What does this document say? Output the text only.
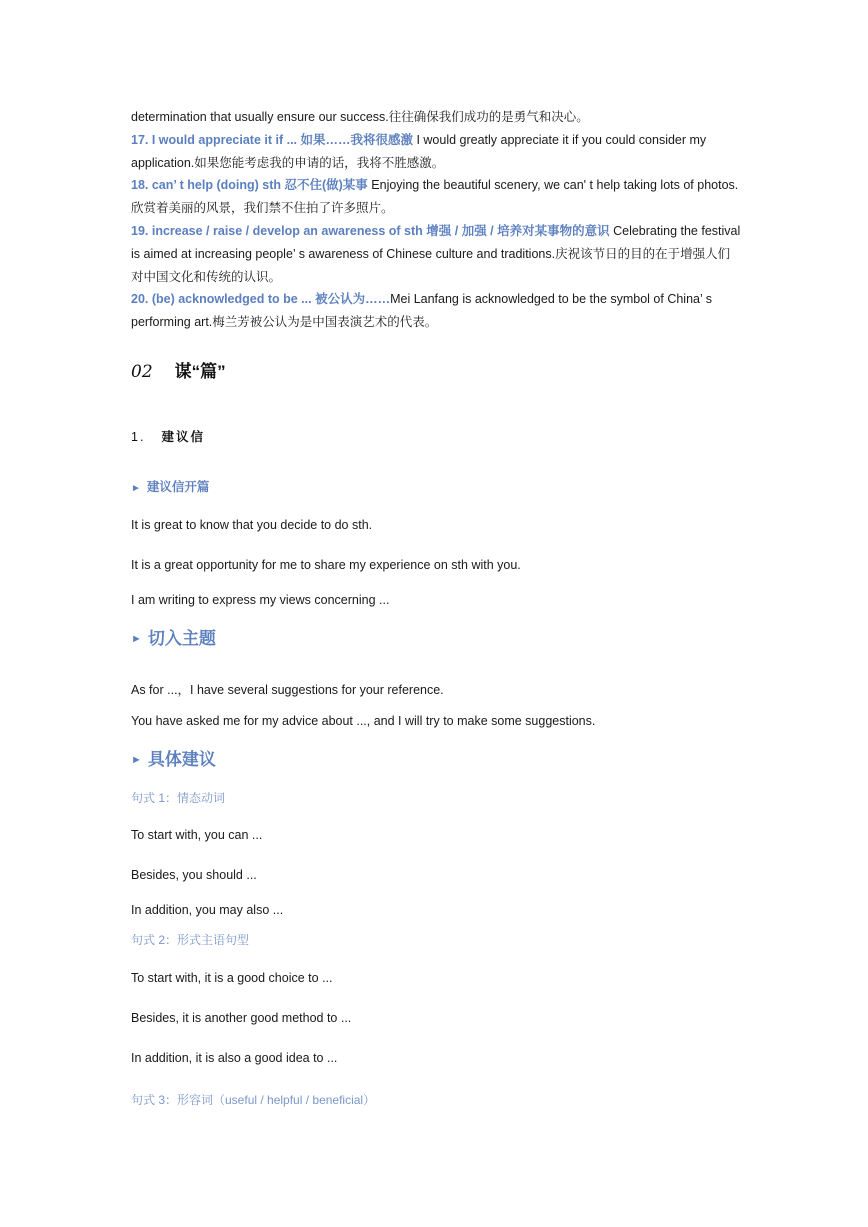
determination that usually ensure our success.往往确保我们成功的是勇气和决心。

17. I would appreciate it if ... 如果……我将很感激 I would greatly appreciate it if you could consider my application.如果您能考虑我的申请的话，我将不胜感激。

18. can’ t help (doing) sth 忍不住(做)某事 Enjoying the beautiful scenery, we can' t help taking lots of photos.欣赏着美丽的风景，我们禁不住拍了许多照片。

19. increase / raise / develop an awareness of sth 增强 / 加强 / 培养对某事物的意识 Celebrating the festival is aimed at increasing people’ s awareness of Chinese culture and traditions.庆祝该节日的目的在于增强人们对中国文化和传统的认识。

20. (be) acknowledged to be ... 被公认为……Mei Lanfang is acknowledged to be the symbol of China’ s performing art.梅兰芳被公认为是中国表演艺术的代表。

02 谋“篇”
1. 建议信
► 建议信开篇

It is great to know that you decide to do sth.

It is a great opportunity for me to share my experience on sth with you.

I am writing to express my views concerning ...

► 切入主题

As for ...，I have several suggestions for your reference.

You have asked me for my advice about ..., and I will try to make some suggestions.

► 具体建议

句式 1：情态动词

To start with, you can ...

Besides, you should ...

In addition, you may also ...

句式 2：形式主语句型

To start with, it is a good choice to ...

Besides, it is another good method to ...

In addition, it is also a good idea to ...

句式 3：形容词（useful / helpful / beneficial）
